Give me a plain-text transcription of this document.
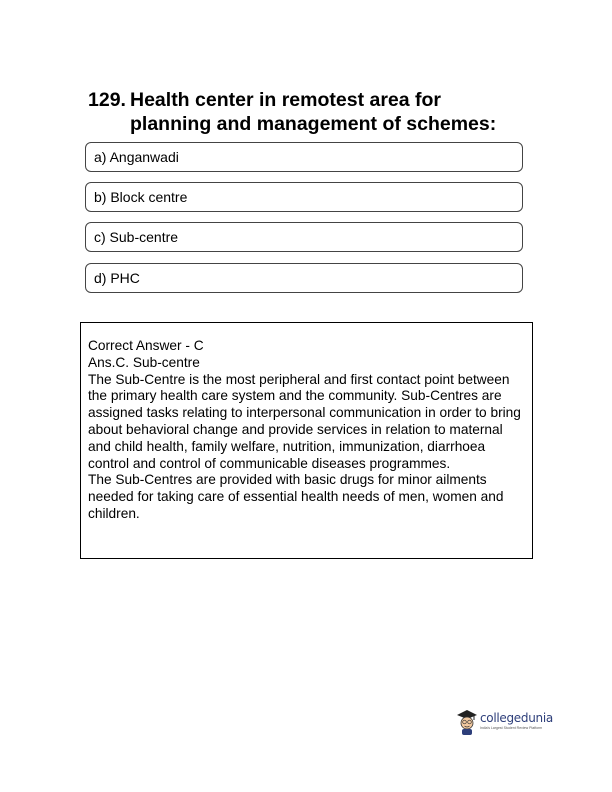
129. Health center in remotest area for
planning and management of schemes:
a) Anganwadi
b) Block centre
c) Sub-centre
d) PHC
Correct Answer - C
Ans.C. Sub-centre
The Sub-Centre is the most peripheral and first contact point between the primary health care system and the community. Sub-Centres are assigned tasks relating to interpersonal communication in order to bring about behavioral change and provide services in relation to maternal and child health, family welfare, nutrition, immunization, diarrhoea control and control of communicable diseases programmes.
The Sub-Centres are provided with basic drugs for minor ailments needed for taking care of essential health needs of men, women and children.
collegedunia
India's Largest Student Review Platform
